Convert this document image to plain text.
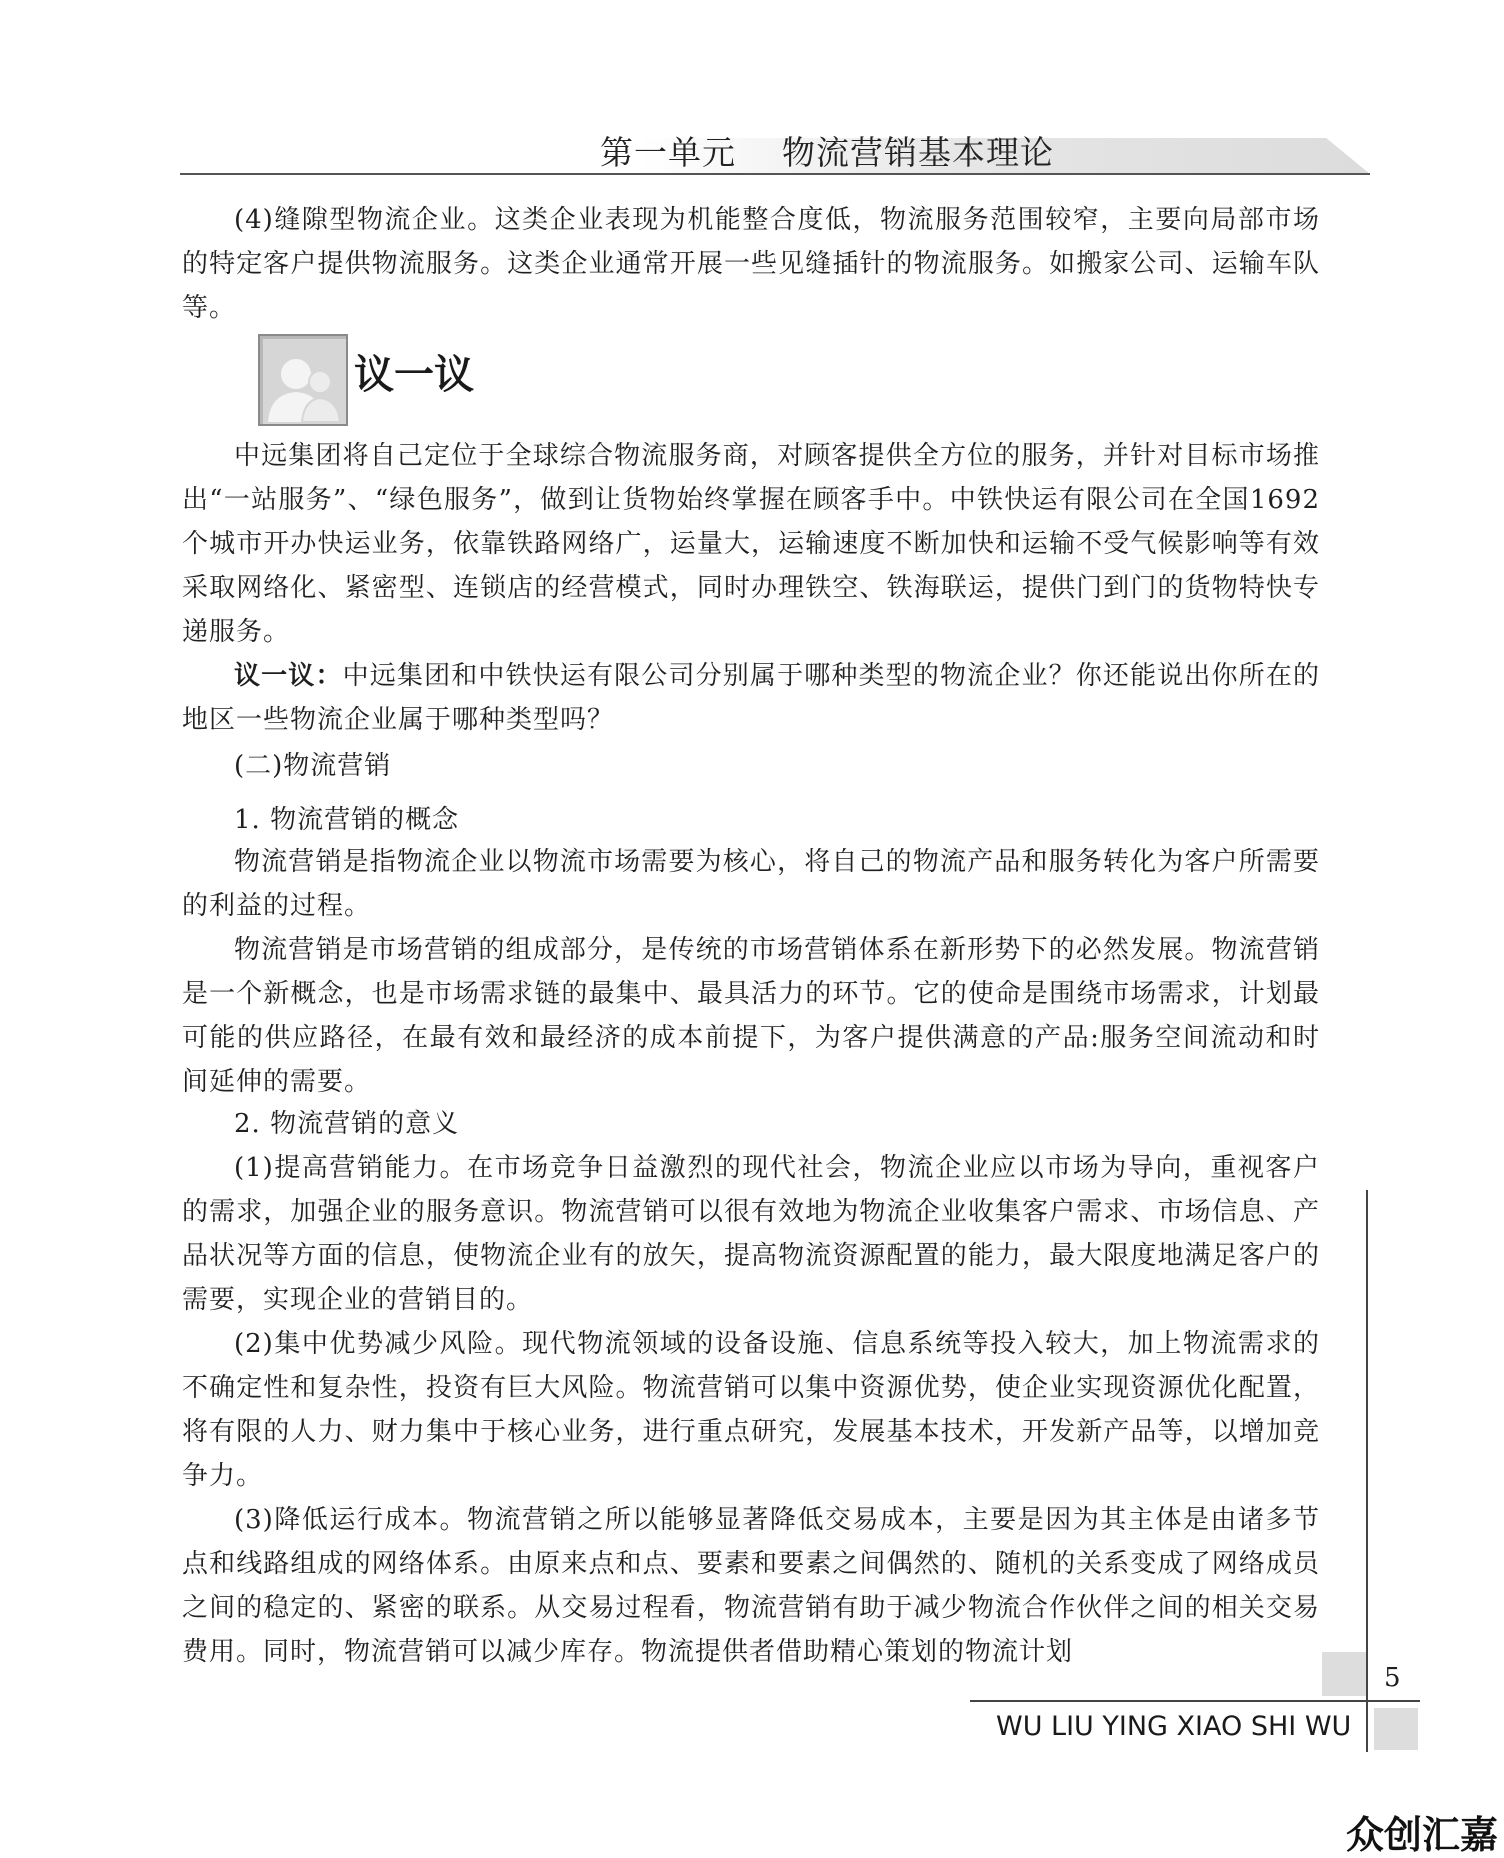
第一单元    物流营销基本理论

(4)缝隙型物流企业。这类企业表现为机能整合度低，物流服务范围较窄，主要向局部市场的特定客户提供物流服务。这类企业通常开展一些见缝插针的物流服务。如搬家公司、运输车队等。

议一议

中远集团将自己定位于全球综合物流服务商，对顾客提供全方位的服务，并针对目标市场推出“一站服务”、“绿色服务”，做到让货物始终掌握在顾客手中。中铁快运有限公司在全国1692个城市开办快运业务，依靠铁路网络广，运量大，运输速度不断加快和运输不受气候影响等有效采取网络化、紧密型、连锁店的经营模式，同时办理铁空、铁海联运，提供门到门的货物特快专递服务。

议一议：中远集团和中铁快运有限公司分别属于哪种类型的物流企业？你还能说出你所在的地区一些物流企业属于哪种类型吗？

(二)物流营销

1. 物流营销的概念

物流营销是指物流企业以物流市场需要为核心，将自己的物流产品和服务转化为客户所需要的利益的过程。

物流营销是市场营销的组成部分，是传统的市场营销体系在新形势下的必然发展。物流营销是一个新概念，也是市场需求链的最集中、最具活力的环节。它的使命是围绕市场需求，计划最可能的供应路径，在最有效和最经济的成本前提下，为客户提供满意的产品:服务空间流动和时间延伸的需要。

2. 物流营销的意义

(1)提高营销能力。在市场竞争日益激烈的现代社会，物流企业应以市场为导向，重视客户的需求，加强企业的服务意识。物流营销可以很有效地为物流企业收集客户需求、市场信息、产品状况等方面的信息，使物流企业有的放矢，提高物流资源配置的能力，最大限度地满足客户的需要，实现企业的营销目的。

(2)集中优势减少风险。现代物流领域的设备设施、信息系统等投入较大，加上物流需求的不确定性和复杂性，投资有巨大风险。物流营销可以集中资源优势，使企业实现资源优化配置，将有限的人力、财力集中于核心业务，进行重点研究，发展基本技术，开发新产品等，以增加竞争力。

(3)降低运行成本。物流营销之所以能够显著降低交易成本，主要是因为其主体是由诸多节点和线路组成的网络体系。由原来点和点、要素和要素之间偶然的、随机的关系变成了网络成员之间的稳定的、紧密的联系。从交易过程看，物流营销有助于减少物流合作伙伴之间的相关交易费用。同时，物流营销可以减少库存。物流提供者借助精心策划的物流计划

5
WU LIU YING XIAO SHI WU
众创汇嘉
